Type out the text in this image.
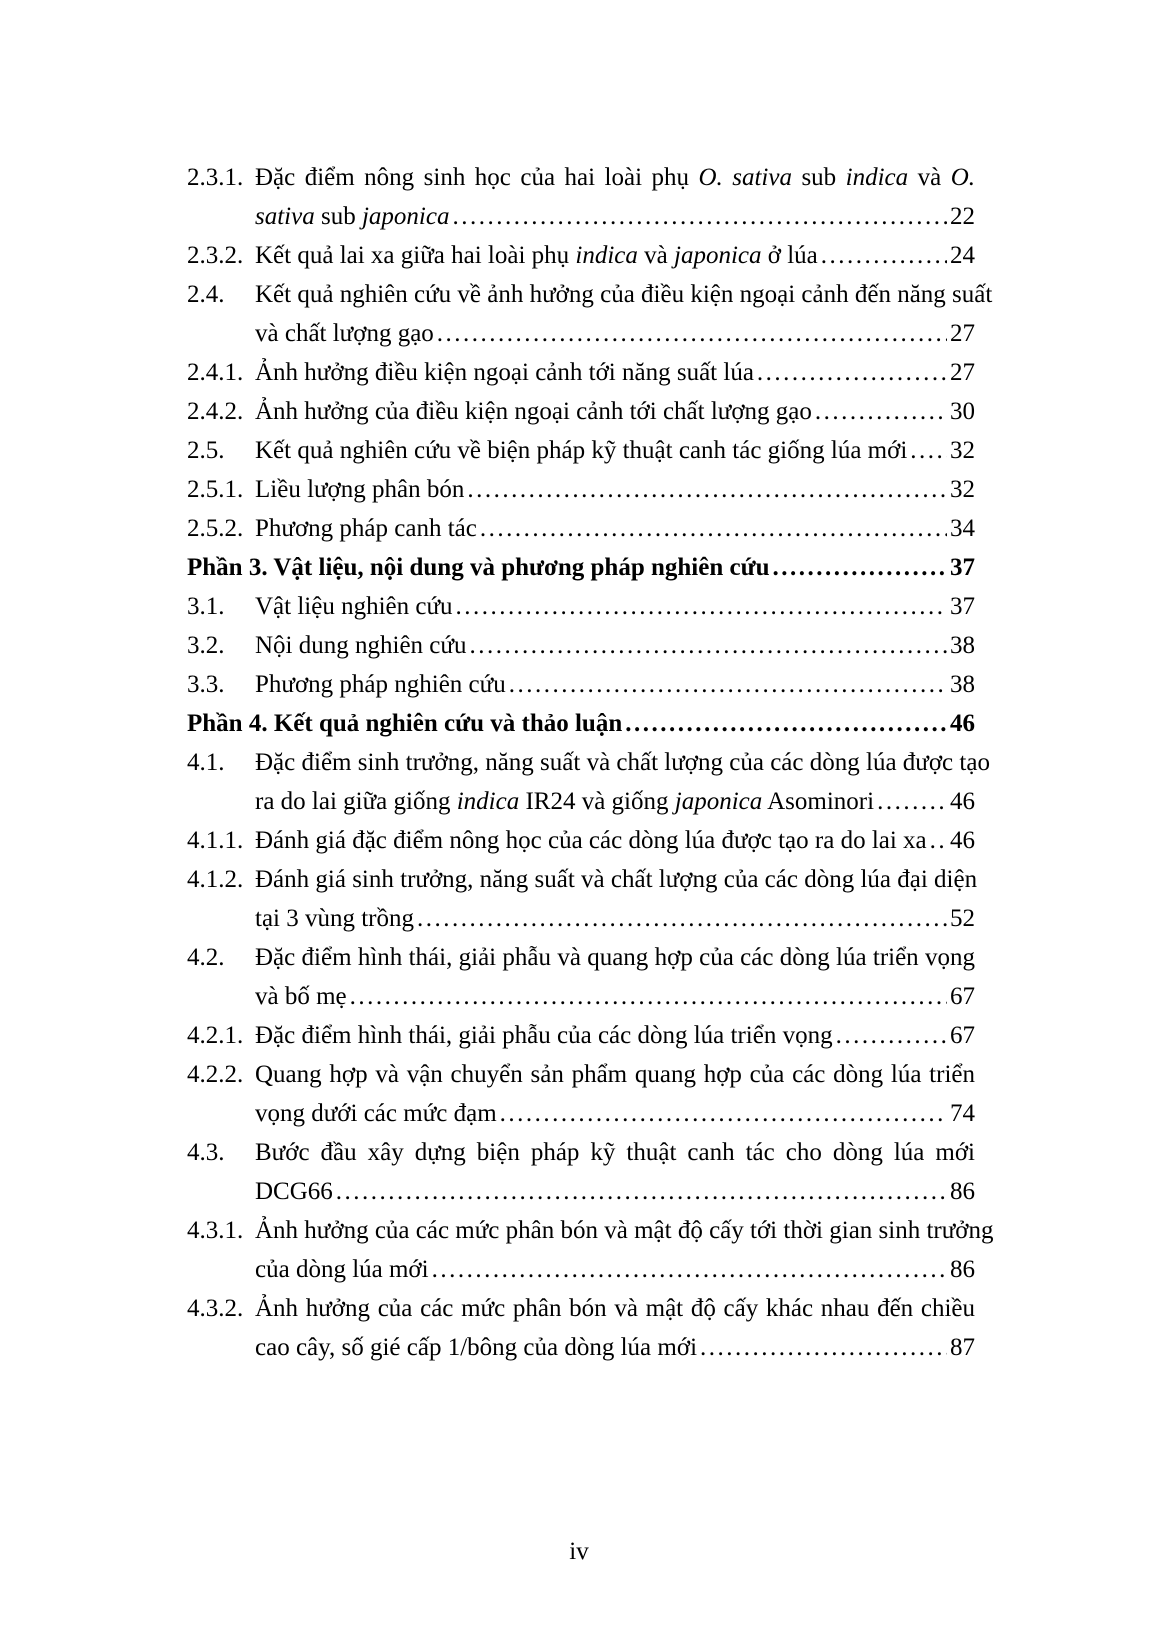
2.3.1. Đặc điểm nông sinh học của hai loài phụ O. sativa sub indica và O.
sativa sub japonica .....	22
2.3.2. Kết quả lai xa giữa hai loài phụ indica và japonica ở lúa .....	24
2.4. Kết quả nghiên cứu về ảnh hưởng của điều kiện ngoại cảnh đến năng suất
và chất lượng gạo .....	27
2.4.1. Ảnh hưởng điều kiện ngoại cảnh tới năng suất lúa .....	27
2.4.2. Ảnh hưởng của điều kiện ngoại cảnh tới chất lượng gạo .....	30
2.5. Kết quả nghiên cứu về biện pháp kỹ thuật canh tác giống lúa mới ..... 32
2.5.1. Liều lượng phân bón .....	32
2.5.2. Phương pháp canh tác .....	34
Phần 3. Vật liệu, nội dung và phương pháp nghiên cứu .....	37
3.1. Vật liệu nghiên cứu .....	37
3.2. Nội dung nghiên cứu .....	38
3.3. Phương pháp nghiên cứu .....	38
Phần 4. Kết quả nghiên cứu và thảo luận .....	46
4.1. Đặc điểm sinh trưởng, năng suất và chất lượng của các dòng lúa được tạo
ra do lai giữa giống indica IR24 và giống japonica Asominori .....	46
4.1.1. Đánh giá đặc điểm nông học của các dòng lúa được tạo ra do lai xa ..... 46
4.1.2. Đánh giá sinh trưởng, năng suất và chất lượng của các dòng lúa đại diện
tại 3 vùng trồng .....	52
4.2. Đặc điểm hình thái, giải phẫu và quang hợp của các dòng lúa triển vọng
và bố mẹ .....	67
4.2.1. Đặc điểm hình thái, giải phẫu của các dòng lúa triển vọng .....	67
4.2.2. Quang hợp và vận chuyển sản phẩm quang hợp của các dòng lúa triển
vọng dưới các mức đạm .....	74
4.3. Bước đầu xây dựng biện pháp kỹ thuật canh tác cho dòng lúa mới
DCG66 .....	86
4.3.1. Ảnh hưởng của các mức phân bón và mật độ cấy tới thời gian sinh trưởng
của dòng lúa mới .....	86
4.3.2. Ảnh hưởng của các mức phân bón và mật độ cấy khác nhau đến chiều
cao cây, số gié cấp 1/bông của dòng lúa mới .....	87
iv
